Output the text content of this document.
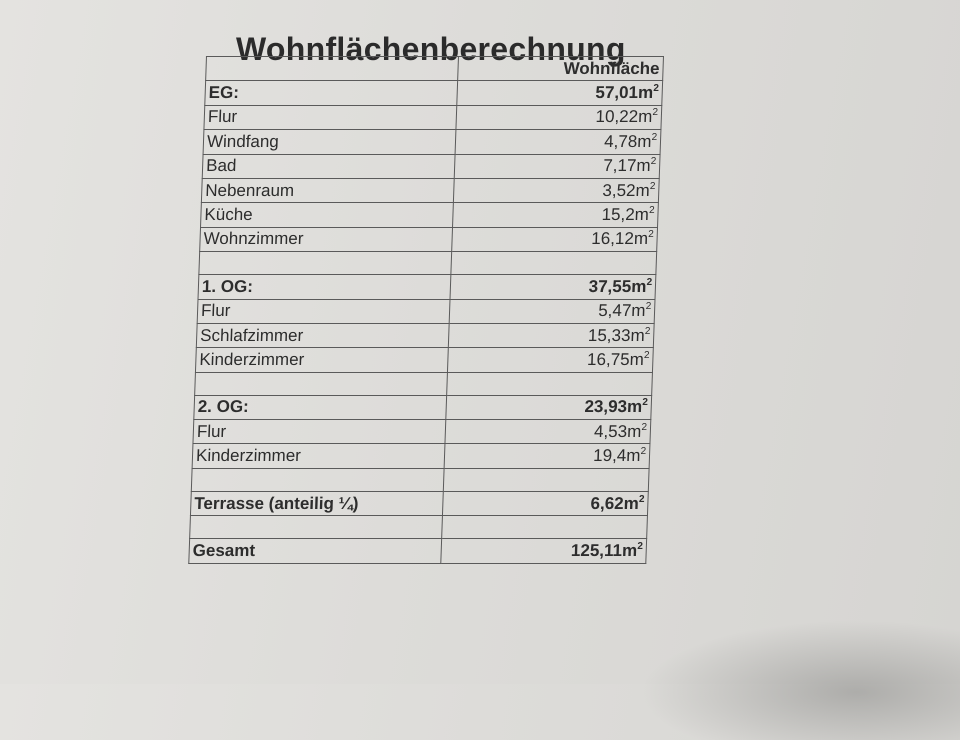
Wohnflächenberechnung
	Wohnfläche
EG:	$57,01m^2$
Flur	$10,22m^2$
Windfang	$4,78m^2$
Bad	$7,17m^2$
Nebenraum	$3,52m^2$
Küche	$15,2m^2$
Wohnzimmer	$16,12m^2$

1. OG:	$37,55m^2$
Flur	$5,47m^2$
Schlafzimmer	$15,33m^2$
Kinderzimmer	$16,75m^2$

2. OG:	$23,93m^2$
Flur	$4,53m^2$
Kinderzimmer	$19,4m^2$

Terrasse (anteilig ¼)	$6,62m^2$

Gesamt	$125,11m^2$
